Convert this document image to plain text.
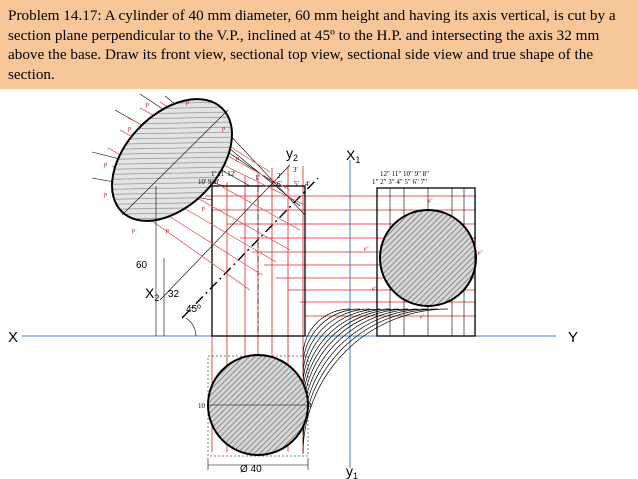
Problem 14.17: A cylinder of 40 mm diameter, 60 mm height and having its axis vertical, is cut by a section plane perpendicular to the V.P., inclined at 45º to the H.P. and intersecting the axis 32 mm above the base. Draw its front view, sectional top view, sectional side view and true shape of the section.

X	Y
$X_1$
$y_1$
$X_2$
$y_2$
p	p
p	p
p
p
p	p
p
p
1' 11' 12'
10' 9' 8'	1'
3'
2'
6' 5' 4'
60
32
45º
12" 11" 10" 9" 8"
1" 2" 3" 4" 5" 6" 7"
p"
p"
p"
p"
p"
10	4
Ø 40
